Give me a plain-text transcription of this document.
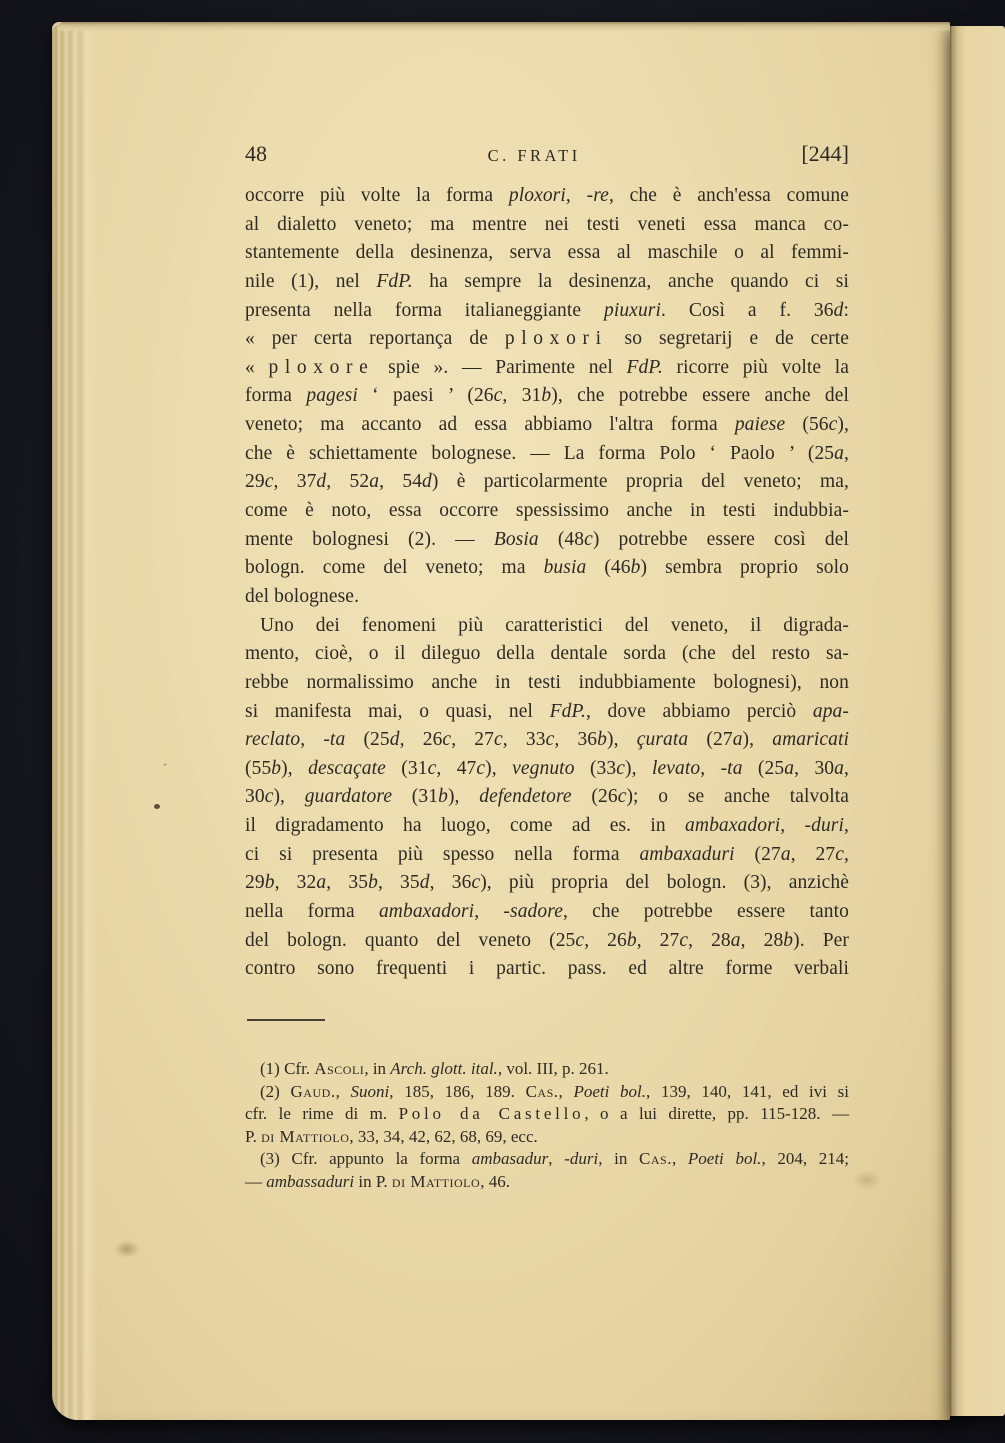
48	C. FRATI	[244]
occorre più volte la forma ploxori, -re, che è anch'essa comune
al dialetto veneto; ma mentre nei testi veneti essa manca co-
stantemente della desinenza, serva essa al maschile o al femmi-
nile (1), nel FdP. ha sempre la desinenza, anche quando ci si
presenta nella forma italianeggiante piuxuri. Così a f. 36d:
« per certa reportança de ploxori so segretarij e de certe
« ploxore spie ». — Parimente nel FdP. ricorre più volte la
forma pagesi ‘ paesi ’ (26c, 31b), che potrebbe essere anche del
veneto; ma accanto ad essa abbiamo l'altra forma paiese (56c),
che è schiettamente bolognese. — La forma Polo ‘ Paolo ’ (25a,
29c, 37d, 52a, 54d) è particolarmente propria del veneto; ma,
come è noto, essa occorre spessissimo anche in testi indubbia-
mente bolognesi (2). — Bosia (48c) potrebbe essere così del
bologn. come del veneto; ma busia (46b) sembra proprio solo
del bolognese.
Uno dei fenomeni più caratteristici del veneto, il digrada-
mento, cioè, o il dileguo della dentale sorda (che del resto sa-
rebbe normalissimo anche in testi indubbiamente bolognesi), non
si manifesta mai, o quasi, nel FdP., dove abbiamo perciò apa-
reclato, -ta (25d, 26c, 27c, 33c, 36b), çurata (27a), amaricati
(55b), descaçate (31c, 47c), vegnuto (33c), levato, -ta (25a, 30a,
30c), guardatore (31b), defendetore (26c); o se anche talvolta
il digradamento ha luogo, come ad es. in ambaxadori, -duri,
ci si presenta più spesso nella forma ambaxaduri (27a, 27c,
29b, 32a, 35b, 35d, 36c), più propria del bologn. (3), anzichè
nella forma ambaxadori, -sadore, che potrebbe essere tanto
del bologn. quanto del veneto (25c, 26b, 27c, 28a, 28b). Per
contro sono frequenti i partic. pass. ed altre forme verbali
(1) Cfr. Ascoli, in Arch. glott. ital., vol. III, p. 261.
(2) Gaud., Suoni, 185, 186, 189. Cas., Poeti bol., 139, 140, 141, ed ivi si
cfr. le rime di m. Polo da Castello, o a lui dirette, pp. 115-128. —
P. di Mattiolo, 33, 34, 42, 62, 68, 69, ecc.
(3) Cfr. appunto la forma ambasadur, -duri, in Cas., Poeti bol., 204, 214;
— ambassaduri in P. di Mattiolo, 46.
